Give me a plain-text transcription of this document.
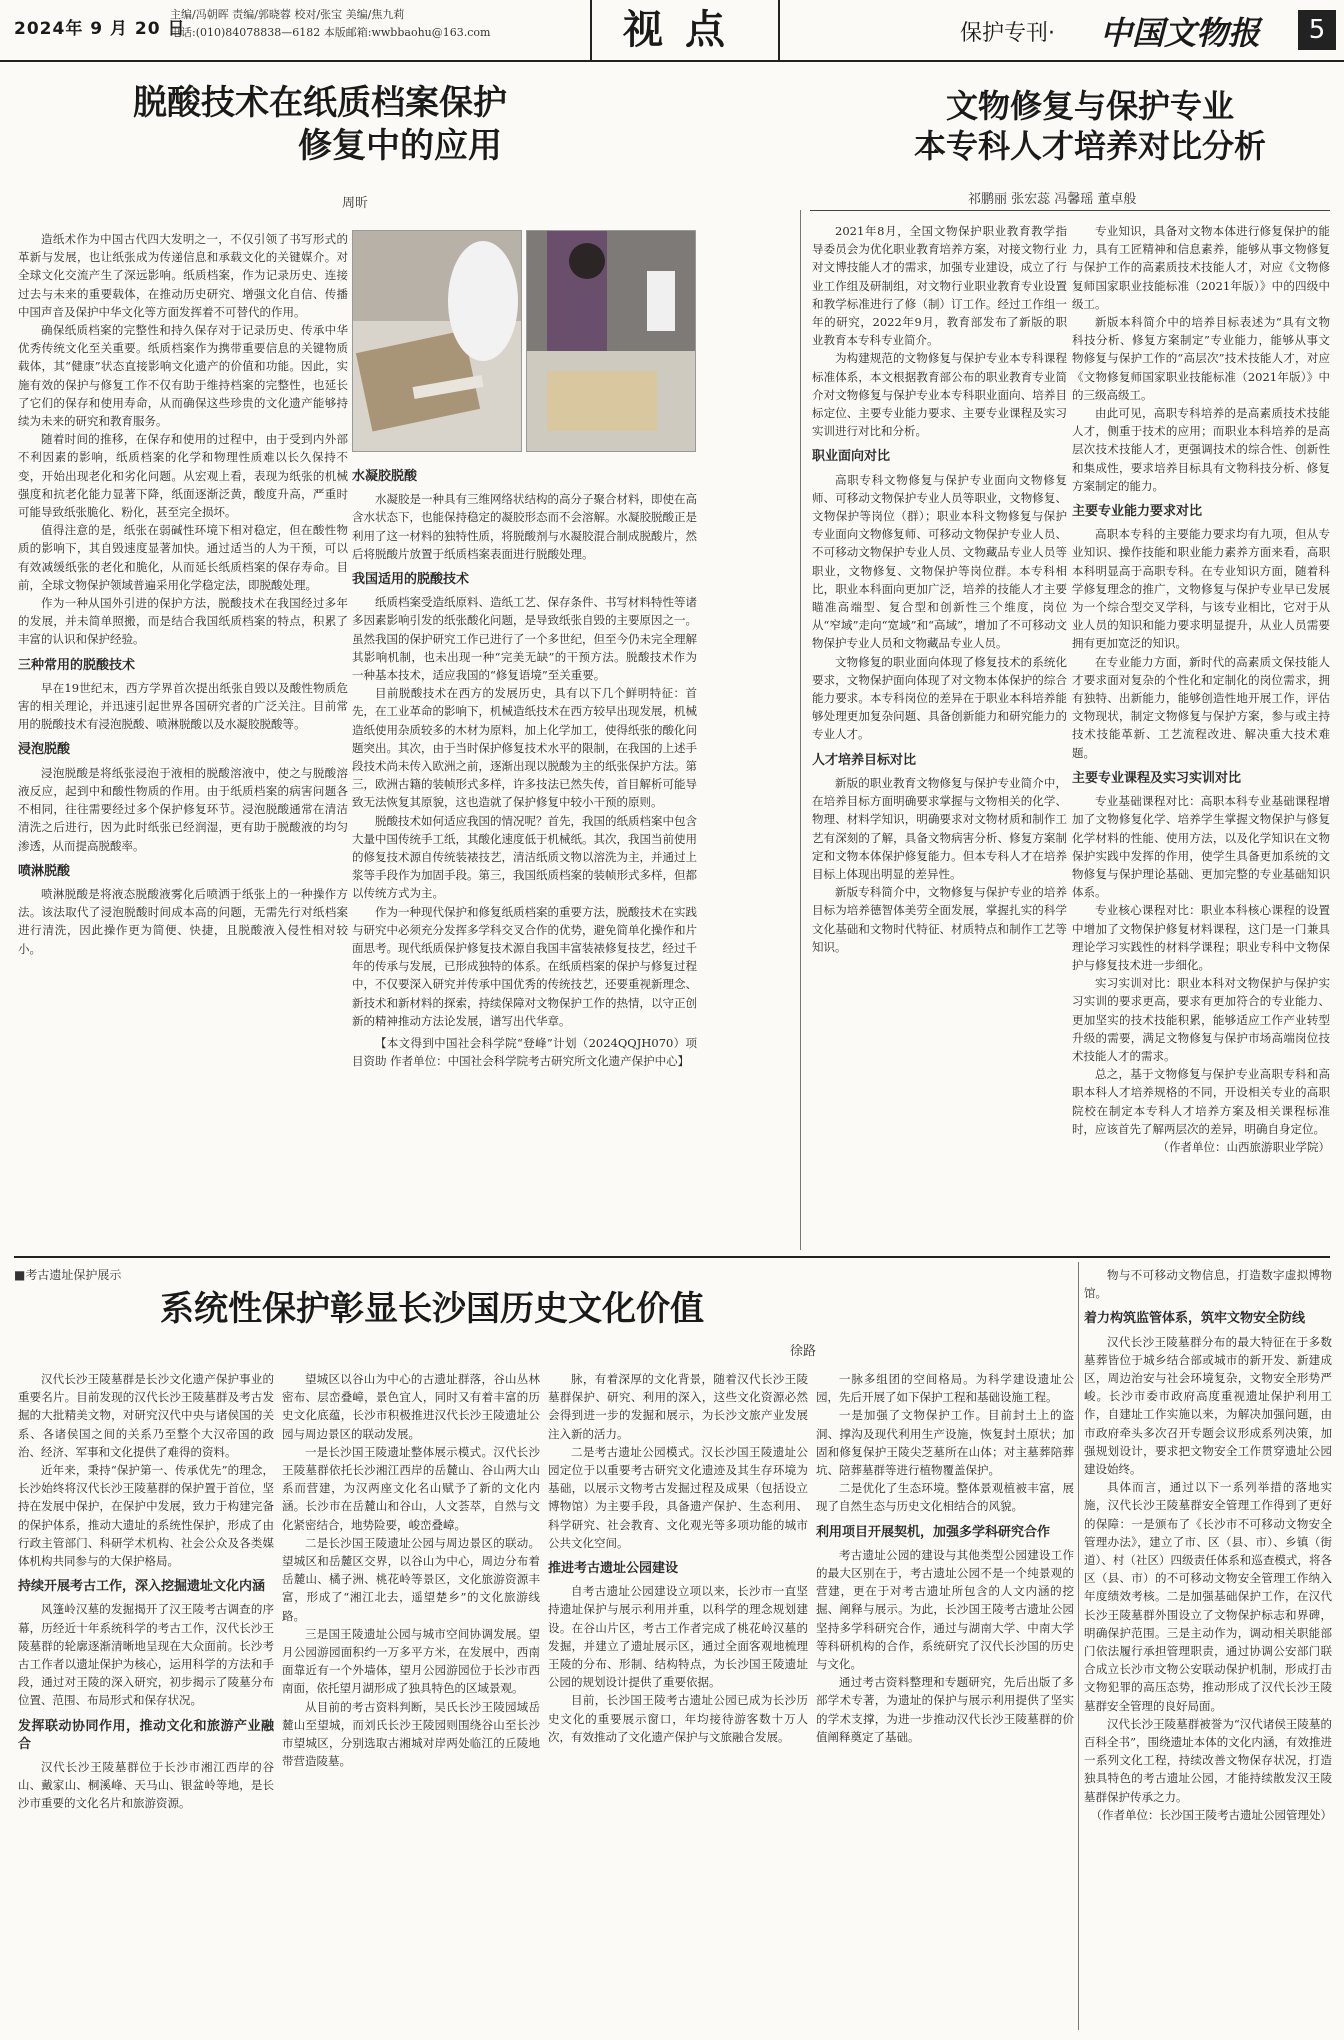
2024年 9 月 20 日
主编/冯朝晖 责编/郭晓蓉 校对/张宝 美编/焦九莉
电话:(010)84078838—6182 本版邮箱:wwbbaohu@163.com	视点	保护专刊· 中国文物报	5
脱酸技术在纸质档案保护
修复中的应用
周昕
文物修复与保护专业
本专科人才培养对比分析
祁鹏丽 张宏蕊 冯馨瑶 董卓般

造纸术作为中国古代四大发明之一，不仅引领了书写形式的革新与发展，也让纸张成为传递信息和承载文化的关键媒介。对全球文化交流产生了深远影响。纸质档案，作为记录历史、连接过去与未来的重要载体，在推动历史研究、增强文化自信、传播中国声音及保护中华文化等方面发挥着不可替代的作用。

确保纸质档案的完整性和持久保存对于记录历史、传承中华优秀传统文化至关重要。纸质档案作为携带重要信息的关键物质载体，其“健康”状态直接影响文化遗产的价值和功能。因此，实施有效的保护与修复工作不仅有助于维持档案的完整性，也延长了它们的保存和使用寿命，从而确保这些珍贵的文化遗产能够持续为未来的研究和教育服务。

随着时间的推移，在保存和使用的过程中，由于受到内外部不利因素的影响，纸质档案的化学和物理性质难以长久保持不变，开始出现老化和劣化问题。从宏观上看，表现为纸张的机械强度和抗老化能力显著下降，纸面逐渐泛黄，酸度升高，严重时可能导致纸张脆化、粉化，甚至完全损坏。

值得注意的是，纸张在弱碱性环境下相对稳定，但在酸性物质的影响下，其自毁速度显著加快。通过适当的人为干预，可以有效减缓纸张的老化和脆化，从而延长纸质档案的保存寿命。目前，全球文物保护领域普遍采用化学稳定法，即脱酸处理。

作为一种从国外引进的保护方法，脱酸技术在我国经过多年的发展，并未简单照搬，而是结合我国纸质档案的特点，积累了丰富的认识和保护经验。

三种常用的脱酸技术

早在19世纪末，西方学界首次提出纸张自毁以及酸性物质危害的相关理论，并迅速引起世界各国研究者的广泛关注。目前常用的脱酸技术有浸泡脱酸、喷淋脱酸以及水凝胶脱酸等。

浸泡脱酸

浸泡脱酸是将纸张浸泡于液相的脱酸溶液中，使之与脱酸溶液反应，起到中和酸性物质的作用。由于纸质档案的病害问题各不相同，往往需要经过多个保护修复环节。浸泡脱酸通常在清洁清洗之后进行，因为此时纸张已经润湿，更有助于脱酸液的均匀渗透，从而提高脱酸率。

喷淋脱酸

喷淋脱酸是将液态脱酸液雾化后喷洒于纸张上的一种操作方法。该法取代了浸泡脱酸时间成本高的问题，无需先行对纸档案进行清洗，因此操作更为简便、快捷，且脱酸液入侵性相对较小。

水凝胶脱酸

水凝胶是一种具有三维网络状结构的高分子聚合材料，即使在高含水状态下，也能保持稳定的凝胶形态而不会溶解。水凝胶脱酸正是利用了这一材料的独特性质，将脱酸剂与水凝胶混合制成脱酸片，然后将脱酸片放置于纸质档案表面进行脱酸处理。

我国适用的脱酸技术

纸质档案受造纸原料、造纸工艺、保存条件、书写材料特性等诸多因素影响引发的纸张酸化问题，是导致纸张自毁的主要原因之一。虽然我国的保护研究工作已进行了一个多世纪，但至今仍未完全理解其影响机制，也未出现一种“完美无缺”的干预方法。脱酸技术作为一种基本技术，适应我国的“修复语境”至关重要。

目前脱酸技术在西方的发展历史，具有以下几个鲜明特征：首先，在工业革命的影响下，机械造纸技术在西方较早出现发展，机械造纸使用杂质较多的木材为原料，加上化学加工，使得纸张的酸化问题突出。其次，由于当时保护修复技术水平的限制，在我国的上述手段技术尚未传入欧洲之前，逐渐出现以脱酸为主的纸张保护方法。第三，欧洲古籍的装帧形式多样，许多技法已然失传，首目解析可能导致无法恢复其原貌，这也造就了保护修复中较小干预的原则。

脱酸技术如何适应我国的情况呢？首先，我国的纸质档案中包含大量中国传统手工纸，其酸化速度低于机械纸。其次，我国当前使用的修复技术源自传统装裱技艺，清洁纸质文物以溶洗为主，并通过上浆等手段作为加固手段。第三，我国纸质档案的装帧形式多样，但都以传统方式为主。

作为一种现代保护和修复纸质档案的重要方法，脱酸技术在实践与研究中必须充分发挥多学科交叉合作的优势，避免简单化操作和片面思考。现代纸质保护修复技术源自我国丰富装裱修复技艺，经过千年的传承与发展，已形成独特的体系。在纸质档案的保护与修复过程中，不仅要深入研究并传承中国优秀的传统技艺，还要重视新理念、新技术和新材料的探索，持续保障对文物保护工作的热情，以守正创新的精神推动方法论发展，谱写出代华章。

【本文得到中国社会科学院“登峰”计划（2024QQJH070）项目资助 作者单位：中国社会科学院考古研究所文化遗产保护中心】

2021年8月，全国文物保护职业教育教学指导委员会为优化职业教育培养方案，对接文物行业对文博技能人才的需求，加强专业建设，成立了行业工作组及研制组，对文物行业职业教育专业设置和教学标准进行了修（制）订工作。经过工作组一年的研究，2022年9月，教育部发布了新版的职业教育本专科专业简介。

为构建规范的文物修复与保护专业本专科课程标准体系，本文根据教育部公布的职业教育专业简介对文物修复与保护专业本专科职业面向、培养目标定位、主要专业能力要求、主要专业课程及实习实训进行对比和分析。

职业面向对比

高职专科文物修复与保护专业面向文物修复师、可移动文物保护专业人员等职业，文物修复、文物保护等岗位（群）；职业本科文物修复与保护专业面向文物修复师、可移动文物保护专业人员、不可移动文物保护专业人员、文物藏品专业人员等职业，文物修复、文物保护等岗位群。本专科相比，职业本科面向更加广泛，培养的技能人才主要瞄准高端型、复合型和创新性三个维度，岗位从“窄域”走向“宽域”和“高域”，增加了不可移动文物保护专业人员和文物藏品专业人员。

文物修复的职业面向体现了修复技术的系统化要求，文物保护面向体现了对文物本体保护的综合能力要求。本专科岗位的差异在于职业本科培养能够处理更加复杂问题、具备创新能力和研究能力的专业人才。

人才培养目标对比

新版的职业教育文物修复与保护专业简介中，在培养目标方面明确要求掌握与文物相关的化学、物理、材料学知识，明确要求对文物材质和制作工艺有深刻的了解，具备文物病害分析、修复方案制定和文物本体保护修复能力。但本专科人才在培养目标上体现出明显的差异性。

新版专科简介中，文物修复与保护专业的培养目标为培养德智体美劳全面发展，掌握扎实的科学文化基础和文物时代特征、材质特点和制作工艺等知识。

专业知识，具备对文物本体进行修复保护的能力，具有工匠精神和信息素养，能够从事文物修复与保护工作的高素质技术技能人才，对应《文物修复师国家职业技能标准（2021年版）》中的四级中级工。

新版本科简介中的培养目标表述为“具有文物科技分析、修复方案制定”专业能力，能够从事文物修复与保护工作的“高层次”技术技能人才，对应《文物修复师国家职业技能标准（2021年版）》中的三级高级工。

由此可见，高职专科培养的是高素质技术技能人才，侧重于技术的应用；而职业本科培养的是高层次技术技能人才，更强调技术的综合性、创新性和集成性，要求培养目标具有文物科技分析、修复方案制定的能力。

主要专业能力要求对比

高职本专科的主要能力要求均有九项，但从专业知识、操作技能和职业能力素养方面来看，高职本科明显高于高职专科。在专业知识方面，随着科学修复理念的推广，文物修复与保护专业早已发展为一个综合型交叉学科，与该专业相比，它对于从业人员的知识和能力要求明显提升，从业人员需要拥有更加宽泛的知识。

在专业能力方面，新时代的高素质文保技能人才要求面对复杂的个性化和定制化的岗位需求，拥有独特、出新能力，能够创造性地开展工作，评估文物现状，制定文物修复与保护方案，参与或主持技术技能革新、工艺流程改进、解决重大技术难题。

主要专业课程及实习实训对比

专业基础课程对比：高职本科专业基础课程增加了文物修复化学、培养学生掌握文物保护与修复化学材料的性能、使用方法，以及化学知识在文物保护实践中发挥的作用，使学生具备更加系统的文物修复与保护理论基础、更加完整的专业基础知识体系。

专业核心课程对比：职业本科核心课程的设置中增加了文物保护修复材料课程，这门是一门兼具理论学习实践性的材料学课程；职业专科中文物保护与修复技术进一步细化。

实习实训对比：职业本科对文物保护与保护实习实训的要求更高，要求有更加符合的专业能力、更加坚实的技术技能积累，能够适应工作产业转型升级的需要，满足文物修复与保护市场高端岗位技术技能人才的需求。

总之，基于文物修复与保护专业高职专科和高职本科人才培养规格的不同，开设相关专业的高职院校在制定本专科人才培养方案及相关课程标准时，应该首先了解两层次的差异，明确自身定位。

（作者单位：山西旅游职业学院）

■考古遗址保护展示
系统性保护彰显长沙国历史文化价值
徐路

汉代长沙王陵墓群是长沙文化遗产保护事业的重要名片。目前发现的汉代长沙王陵墓群及考古发掘的大批精美文物，对研究汉代中央与诸侯国的关系、各诸侯国之间的关系乃至整个大汉帝国的政治、经济、军事和文化提供了难得的资料。

近年来，秉持“保护第一、传承优先”的理念，长沙始终将汉代长沙王陵墓群的保护置于首位，坚持在发展中保护，在保护中发展，致力于构建完备的保护体系，推动大遗址的系统性保护，形成了由行政主管部门、科研学术机构、社会公众及各类媒体机构共同参与的大保护格局。

持续开展考古工作，深入挖掘遗址文化内涵

风篷岭汉墓的发掘揭开了汉王陵考古调查的序幕，历经近十年系统科学的考古工作，汉代长沙王陵墓群的轮廓逐渐清晰地呈现在大众面前。长沙考古工作者以遗址保护为核心，运用科学的方法和手段，通过对王陵的深入研究，初步揭示了陵墓分布位置、范围、布局形式和保存状况。

发挥联动协同作用，推动文化和旅游产业融合

汉代长沙王陵墓群位于长沙市湘江西岸的谷山、戴家山、桐溪峰、天马山、银盆岭等地，是长沙市重要的文化名片和旅游资源。

望城区以谷山为中心的古遗址群落，谷山丛林密布、层峦叠嶂，景色宜人，同时又有着丰富的历史文化底蕴，长沙市积极推进汉代长沙王陵遗址公园与周边景区的联动发展。

一是长沙国王陵遗址整体展示模式。汉代长沙王陵墓群依托长沙湘江西岸的岳麓山、谷山两大山系而营建，为汉两座文化名山赋予了新的文化内涵。长沙市在岳麓山和谷山，人文荟萃，自然与文化紧密结合，地势险要，峻峦叠嶂。

二是长沙国王陵遗址公园与周边景区的联动。望城区和岳麓区交界，以谷山为中心，周边分布着岳麓山、橘子洲、桃花岭等景区，文化旅游资源丰富，形成了“湘江北去，遥望楚乡”的文化旅游线路。

三是国王陵遗址公园与城市空间协调发展。望月公园游园面积约一万多平方米，在发展中，西南面靠近有一个外墙体，望月公园游园位于长沙市西南面，依托望月湖形成了独具特色的区域景观。

从目前的考古资料判断，吴氏长沙王陵园域岳麓山至望城，而刘氏长沙王陵园则围绕谷山至长沙市望城区，分别选取古湘城对岸两处临江的丘陵地带营造陵墓。

脉，有着深厚的文化背景，随着汉代长沙王陵墓群保护、研究、利用的深入，这些文化资源必然会得到进一步的发掘和展示，为长沙文旅产业发展注入新的活力。

二是考古遗址公园模式。汉长沙国王陵遗址公园定位于以重要考古研究文化遗迹及其生存环境为基础，以展示文物考古发掘过程及成果（包括设立博物馆）为主要手段，具备遗产保护、生态利用、科学研究、社会教育、文化观光等多项功能的城市公共文化空间。

推进考古遗址公园建设

自考古遗址公园建设立项以来，长沙市一直坚持遗址保护与展示利用并重，以科学的理念规划建设。在谷山片区，考古工作者完成了桃花岭汉墓的发掘，并建立了遗址展示区，通过全面客观地梳理王陵的分布、形制、结构特点，为长沙国王陵遗址公园的规划设计提供了重要依据。

目前，长沙国王陵考古遗址公园已成为长沙历史文化的重要展示窗口，年均接待游客数十万人次，有效推动了文化遗产保护与文旅融合发展。

一脉多组团的空间格局。为科学建设遗址公园，先后开展了如下保护工程和基础设施工程。

一是加强了文物保护工作。目前封土上的盗洞、撑沟及现代利用生产设施，恢复封土原状；加固和修复保护王陵尖芝墓所在山体；对主墓葬陪葬坑、陪葬墓群等进行植物覆盖保护。

二是优化了生态环境。整体景观植被丰富，展现了自然生态与历史文化相结合的风貌。

利用项目开展契机，加强多学科研究合作

考古遗址公园的建设与其他类型公园建设工作的最大区别在于，考古遗址公园不是一个纯景观的营建，更在于对考古遗址所包含的人文内涵的挖掘、阐释与展示。为此，长沙国王陵考古遗址公园坚持多学科研究合作，通过与湖南大学、中南大学等科研机构的合作，系统研究了汉代长沙国的历史与文化。

通过考古资料整理和专题研究，先后出版了多部学术专著，为遗址的保护与展示利用提供了坚实的学术支撑，为进一步推动汉代长沙王陵墓群的价值阐释奠定了基础。

物与不可移动文物信息，打造数字虚拟博物馆。

着力构筑监管体系，筑牢文物安全防线

汉代长沙王陵墓群分布的最大特征在于多数墓葬皆位于城乡结合部或城市的新开发、新建成区，周边治安与社会环境复杂，文物安全形势严峻。长沙市委市政府高度重视遗址保护利用工作，自建址工作实施以来，为解决加强问题，由市政府牵头多次召开专题会议形成系列决策，加强规划设计，要求把文物安全工作贯穿遗址公园建设始终。

具体而言，通过以下一系列举措的落地实施，汉代长沙王陵墓群安全管理工作得到了更好的保障：一是颁布了《长沙市不可移动文物安全管理办法》，建立了市、区（县、市）、乡镇（街道）、村（社区）四级责任体系和巡查模式，将各区（县、市）的不可移动文物安全管理工作纳入年度绩效考核。二是加强基础保护工作，在汉代长沙王陵墓群外围设立了文物保护标志和界碑，明确保护范围。三是主动作为，调动相关职能部门依法履行承担管理职责，通过协调公安部门联合成立长沙市文物公安联动保护机制，形成打击文物犯罪的高压态势，推动形成了汉代长沙王陵墓群安全管理的良好局面。

汉代长沙王陵墓群被誉为“汉代诸侯王陵墓的百科全书”，围绕遗址本体的文化内涵，有效推进一系列文化工程，持续改善文物保存状况，打造独具特色的考古遗址公园，才能持续散发汉王陵墓群保护传承之力。

（作者单位：长沙国王陵考古遗址公园管理处）
